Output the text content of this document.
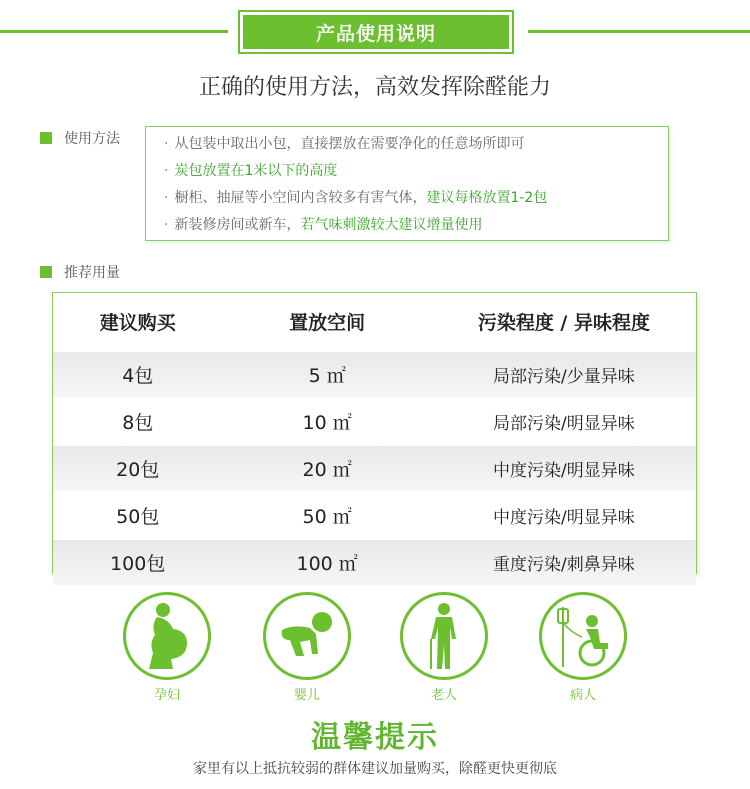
产品使用说明
正确的使用方法，高效发挥除醛能力
使用方法	· 从包装中取出小包，直接摆放在需要净化的任意场所即可
· 炭包放置在1米以下的高度
· 橱柜、抽屉等小空间内含较多有害气体，建议每格放置1-2包
· 新装修房间或新车，若气味刺激较大建议增量使用
推荐用量
建议购买	置放空间	污染程度 / 异味程度
4包	5 ㎡	局部污染/少量异味
8包	10 ㎡	局部污染/明显异味
20包	20 ㎡	中度污染/明显异味
50包	50 ㎡	中度污染/明显异味
100包	100 ㎡	重度污染/刺鼻异味
孕妇	婴儿	老人	病人
温馨提示
家里有以上抵抗较弱的群体建议加量购买，除醛更快更彻底
